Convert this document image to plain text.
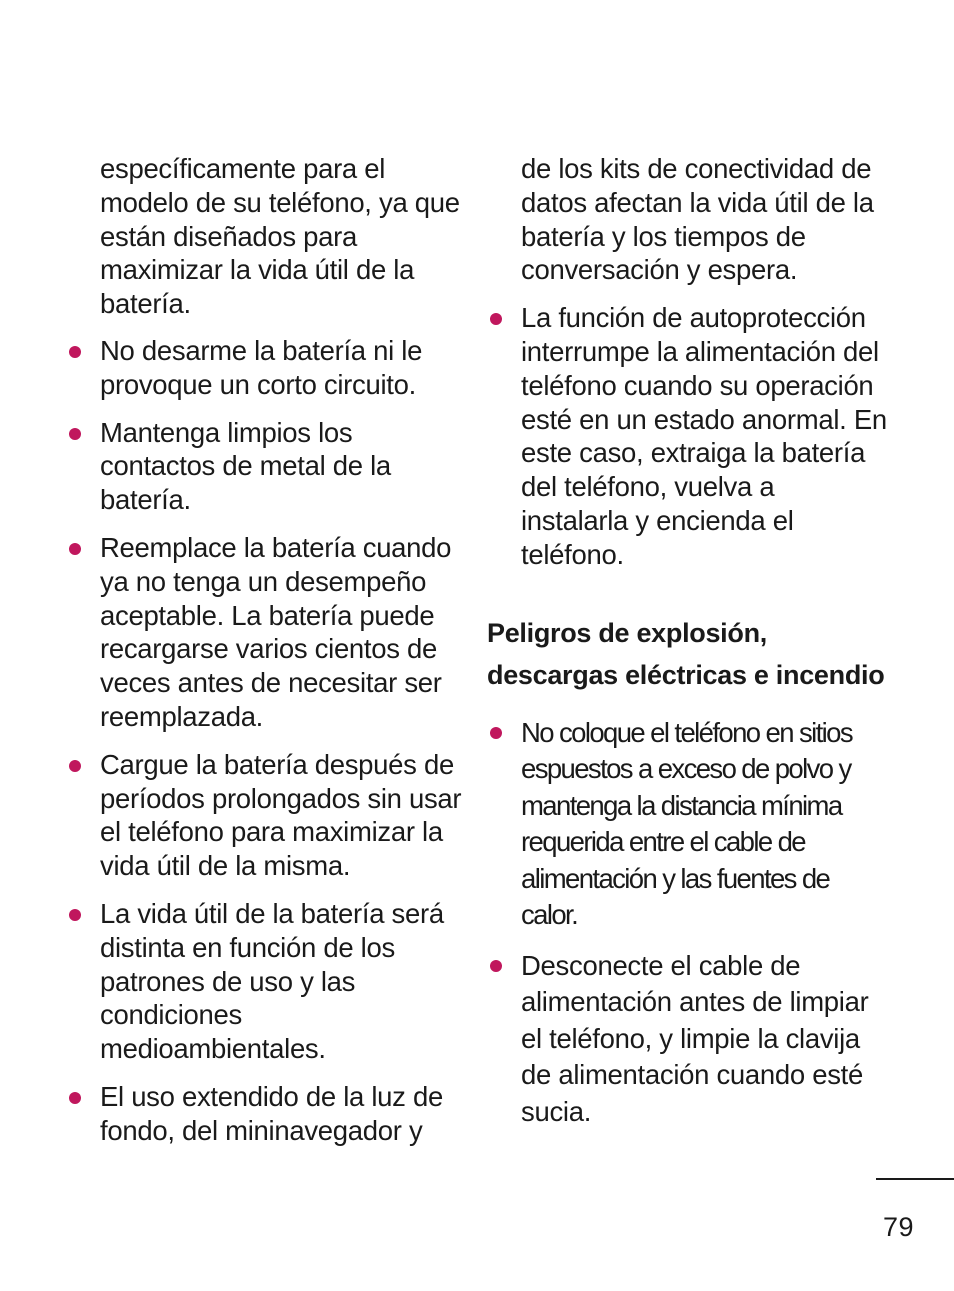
específicamente para el modelo de su teléfono, ya que están diseñados para maximizar la vida útil de la batería.

No desarme la batería ni le provoque un corto circuito.

Mantenga limpios los contactos de metal de la batería.

Reemplace la batería cuando ya no tenga un desempeño aceptable. La batería puede recargarse varios cientos de veces antes de necesitar ser reemplazada.

Cargue la batería después de períodos prolongados sin usar el teléfono para maximizar la vida útil de la misma.

La vida útil de la batería será distinta en función de los patrones de uso y las condiciones medioambientales.

El uso extendido de la luz de fondo, del mininavegador y

de los kits de conectividad de datos afectan la vida útil de la batería y los tiempos de conversación y espera.

La función de autoprotección interrumpe la alimentación del teléfono cuando su operación esté en un estado anormal. En este caso, extraiga la batería del teléfono, vuelva a instalarla y encienda el teléfono.

Peligros de explosión, descargas eléctricas e incendio

No coloque el teléfono en sitios espuestos a exceso de polvo y mantenga la distancia mínima requerida entre el cable de alimentación y las fuentes de calor.

Desconecte el cable de alimentación antes de limpiar el teléfono, y limpie la clavija de alimentación cuando esté sucia.

79
